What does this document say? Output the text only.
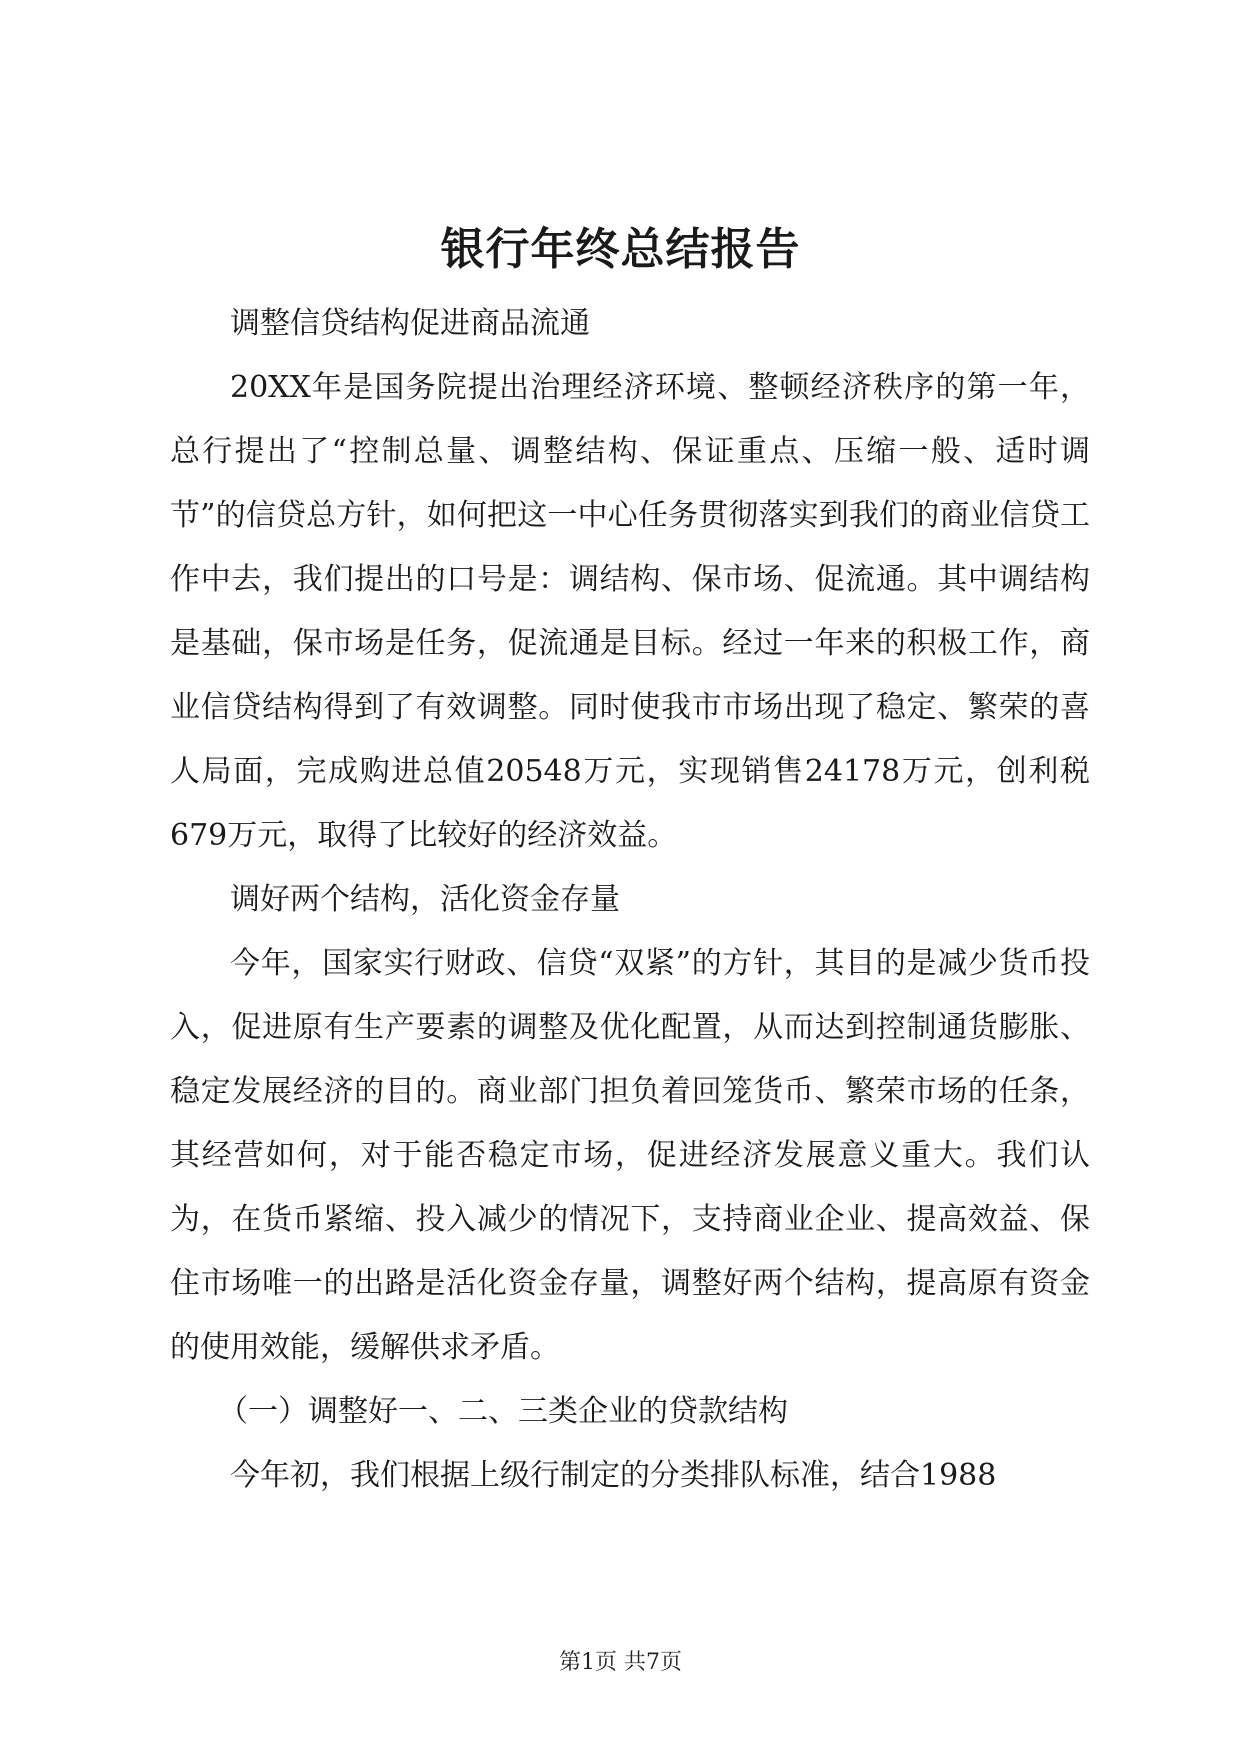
银行年终总结报告

调整信贷结构促进商品流通

20XX年是国务院提出治理经济环境、整顿经济秩序的第一年，总行提出了“控制总量、调整结构、保证重点、压缩一般、适时调节”的信贷总方针，如何把这一中心任务贯彻落实到我们的商业信贷工作中去，我们提出的口号是：调结构、保市场、促流通。其中调结构是基础，保市场是任务，促流通是目标。经过一年来的积极工作，商业信贷结构得到了有效调整。同时使我市市场出现了稳定、繁荣的喜人局面，完成购进总值20548万元，实现销售24178万元，创利税679万元，取得了比较好的经济效益。

调好两个结构，活化资金存量

今年，国家实行财政、信贷“双紧”的方针，其目的是减少货币投入，促进原有生产要素的调整及优化配置，从而达到控制通货膨胀、稳定发展经济的目的。商业部门担负着回笼货币、繁荣市场的任条，其经营如何，对于能否稳定市场，促进经济发展意义重大。我们认为，在货币紧缩、投入减少的情况下，支持商业企业、提高效益、保住市场唯一的出路是活化资金存量，调整好两个结构，提高原有资金的使用效能，缓解供求矛盾。

（一）调整好一、二、三类企业的贷款结构

今年初，我们根据上级行制定的分类排队标准，结合1988

第1页 共7页
